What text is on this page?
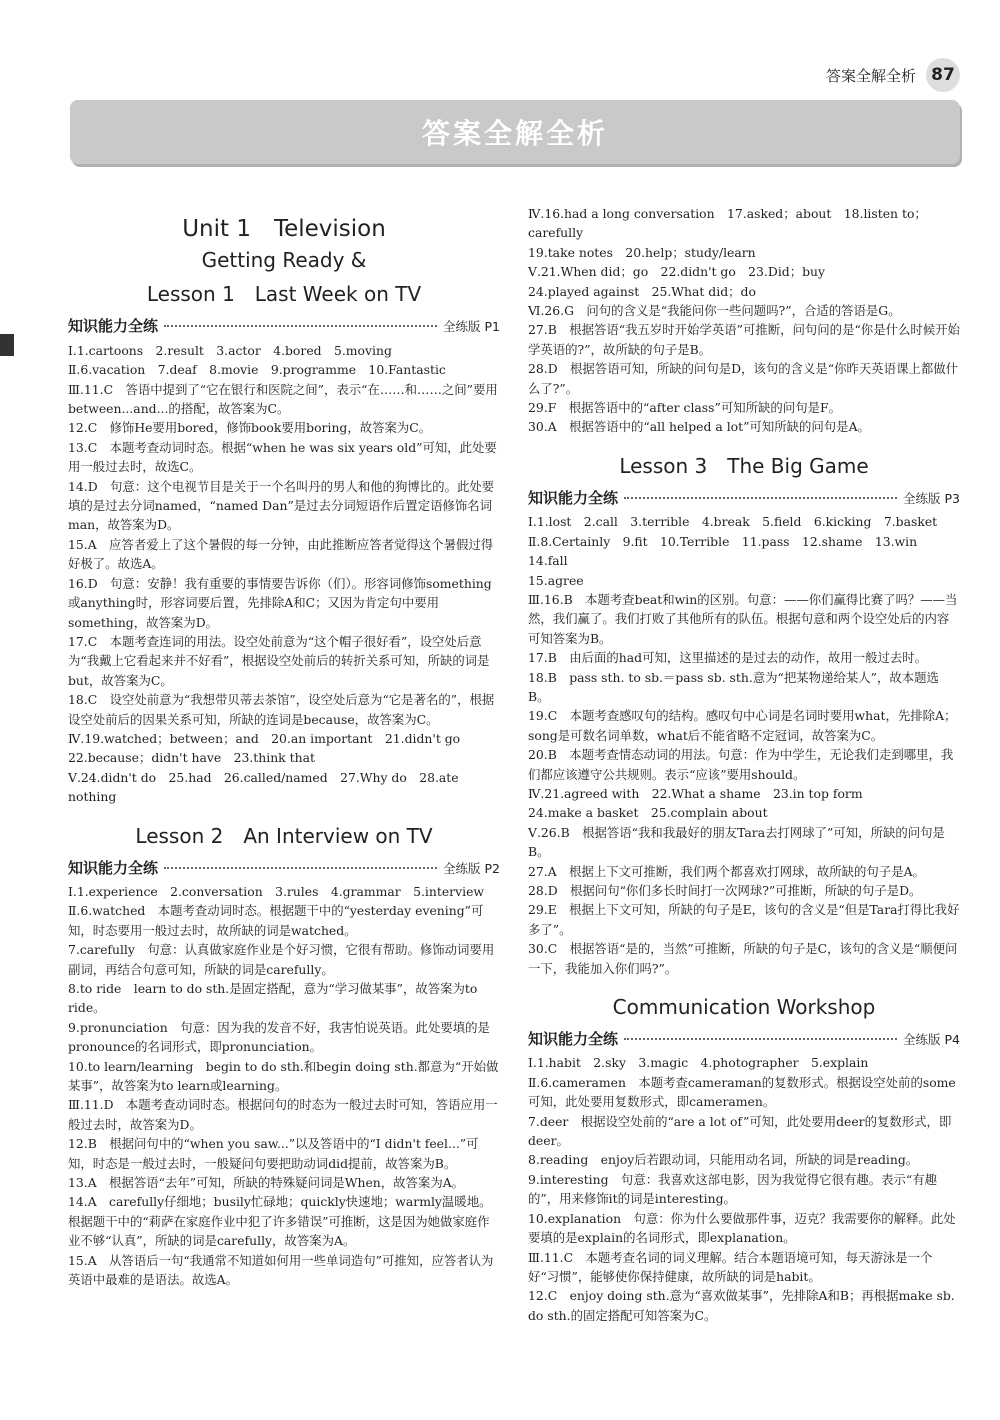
答案全解全析 87
答案全解全析
Unit 1　Television
Getting Ready &
Lesson 1　Last Week on TV
知识能力全练	全练版 P1

Ⅰ.1.cartoons　2.result　3.actor　4.bored　5.moving

Ⅱ.6.vacation　7.deaf　8.movie　9.programme　10.Fantastic

Ⅲ.11.C　答语中提到了“它在银行和医院之间”，表示“在……和……之间”要用between...and...的搭配，故答案为C。

12.C　修饰He要用bored，修饰book要用boring，故答案为C。

13.C　本题考查动词时态。根据“when he was six years old”可知，此处要用一般过去时，故选C。

14.D　句意：这个电视节目是关于一个名叫丹的男人和他的狗博比的。此处要填的是过去分词named，“named Dan”是过去分词短语作后置定语修饰名词man，故答案为D。

15.A　应答者爱上了这个暑假的每一分钟，由此推断应答者觉得这个暑假过得好极了。故选A。

16.D　句意：安静！我有重要的事情要告诉你（们）。形容词修饰something或anything时，形容词要后置，先排除A和C；又因为肯定句中要用something，故答案为D。

17.C　本题考查连词的用法。设空处前意为“这个帽子很好看”，设空处后意为“我戴上它看起来并不好看”，根据设空处前后的转折关系可知，所缺的词是but，故答案为C。

18.C　设空处前意为“我想带贝蒂去茶馆”，设空处后意为“它是著名的”，根据设空处前后的因果关系可知，所缺的连词是because，故答案为C。

Ⅳ.19.watched；between；and　20.an important　21.didn't go

22.because；didn't have　23.think that

Ⅴ.24.didn't do　25.had　26.called/named　27.Why do　28.ate nothing

Lesson 2　An Interview on TV
知识能力全练	全练版 P2

Ⅰ.1.experience　2.conversation　3.rules　4.grammar　5.interview

Ⅱ.6.watched　本题考查动词时态。根据题干中的“yesterday evening”可知，时态要用一般过去时，故所缺的词是watched。

7.carefully　句意：认真做家庭作业是个好习惯，它很有帮助。修饰动词要用副词，再结合句意可知，所缺的词是carefully。

8.to ride　learn to do sth.是固定搭配，意为“学习做某事”，故答案为to ride。

9.pronunciation　句意：因为我的发音不好，我害怕说英语。此处要填的是pronounce的名词形式，即pronunciation。

10.to learn/learning　begin to do sth.和begin doing sth.都意为“开始做某事”，故答案为to learn或learning。

Ⅲ.11.D　本题考查动词时态。根据问句的时态为一般过去时可知，答语应用一般过去时，故答案为D。

12.B　根据问句中的“when you saw...”以及答语中的“I didn't feel...”可知，时态是一般过去时，一般疑问句要把助动词did提前，故答案为B。

13.A　根据答语“去年”可知，所缺的特殊疑问词是When，故答案为A。

14.A　carefully仔细地；busily忙碌地；quickly快速地；warmly温暖地。根据题干中的“莉萨在家庭作业中犯了许多错误”可推断，这是因为她做家庭作业不够“认真”，所缺的词是carefully，故答案为A。

15.A　从答语后一句“我通常不知道如何用一些单词造句”可推知，应答者认为英语中最难的是语法。故选A。

Ⅳ.16.had a long conversation　17.asked；about　18.listen to；carefully

19.take notes　20.help；study/learn

Ⅴ.21.When did；go　22.didn't go　23.Did；buy

24.played against　25.What did；do

Ⅵ.26.G　问句的含义是“我能问你一些问题吗?”，合适的答语是G。

27.B　根据答语“我五岁时开始学英语”可推断，问句问的是“你是什么时候开始学英语的?”，故所缺的句子是B。

28.D　根据答语可知，所缺的问句是D，该句的含义是“你昨天英语课上都做什么了?”。

29.F　根据答语中的“after class”可知所缺的问句是F。

30.A　根据答语中的“all helped a lot”可知所缺的问句是A。

Lesson 3　The Big Game
知识能力全练	全练版 P3

Ⅰ.1.lost　2.call　3.terrible　4.break　5.field　6.kicking　7.basket

Ⅱ.8.Certainly　9.fit　10.Terrible　11.pass　12.shame　13.win　14.fall

15.agree

Ⅲ.16.B　本题考查beat和win的区别。句意：——你们赢得比赛了吗？——当然，我们赢了。我们打败了其他所有的队伍。根据句意和两个设空处后的内容可知答案为B。

17.B　由后面的had可知，这里描述的是过去的动作，故用一般过去时。

18.B　pass sth. to sb.＝pass sb. sth.意为“把某物递给某人”，故本题选B。

19.C　本题考查感叹句的结构。感叹句中心词是名词时要用what，先排除A；song是可数名词单数，what后不能省略不定冠词，故答案为C。

20.B　本题考查情态动词的用法。句意：作为中学生，无论我们走到哪里，我们都应该遵守公共规则。表示“应该”要用should。

Ⅳ.21.agreed with　22.What a shame　23.in top form

24.make a basket　25.complain about

Ⅴ.26.B　根据答语“我和我最好的朋友Tara去打网球了”可知，所缺的问句是B。

27.A　根据上下文可推断，我们两个都喜欢打网球，故所缺的句子是A。

28.D　根据问句“你们多长时间打一次网球?”可推断，所缺的句子是D。

29.E　根据上下文可知，所缺的句子是E，该句的含义是“但是Tara打得比我好多了”。

30.C　根据答语“是的，当然”可推断，所缺的句子是C，该句的含义是“顺便问一下，我能加入你们吗?”。

Communication Workshop
知识能力全练	全练版 P4

Ⅰ.1.habit　2.sky　3.magic　4.photographer　5.explain

Ⅱ.6.cameramen　本题考查cameraman的复数形式。根据设空处前的some可知，此处要用复数形式，即cameramen。

7.deer　根据设空处前的“are a lot of”可知，此处要用deer的复数形式，即deer。

8.reading　enjoy后若跟动词，只能用动名词，所缺的词是reading。

9.interesting　句意：我喜欢这部电影，因为我觉得它很有趣。表示“有趣的”，用来修饰it的词是interesting。

10.explanation　句意：你为什么要做那件事，迈克？我需要你的解释。此处要填的是explain的名词形式，即explanation。

Ⅲ.11.C　本题考查名词的词义理解。结合本题语境可知，每天游泳是一个好“习惯”，能够使你保持健康，故所缺的词是habit。

12.C　enjoy doing sth.意为“喜欢做某事”，先排除A和B；再根据make sb. do sth.的固定搭配可知答案为C。
